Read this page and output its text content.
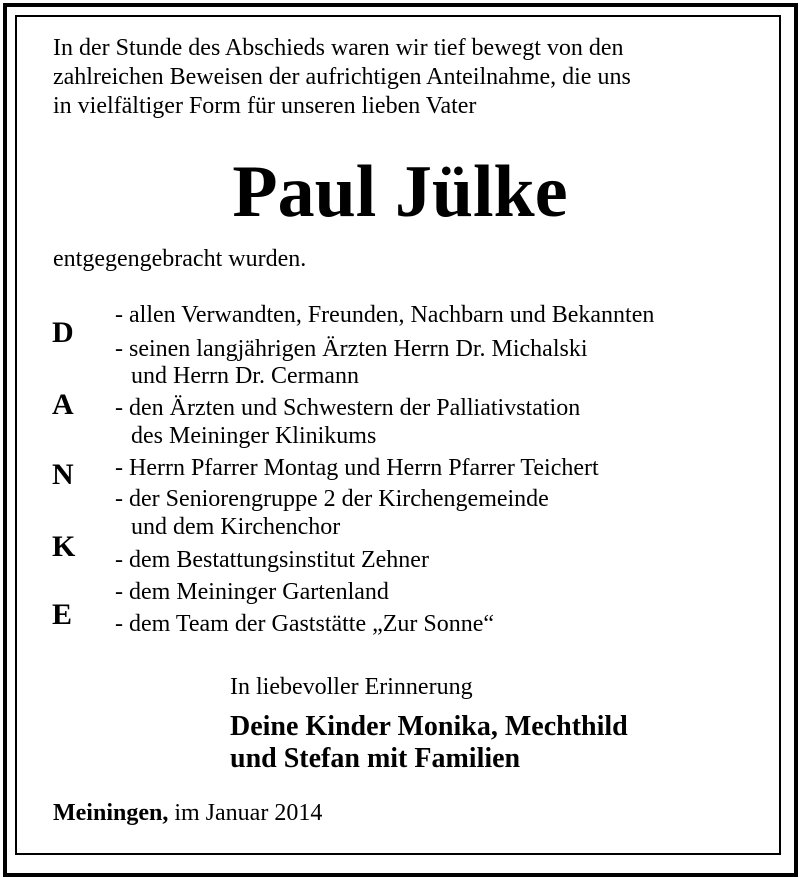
In der Stunde des Abschieds waren wir tief bewegt von den
zahlreichen Beweisen der aufrichtigen Anteilnahme, die uns
in vielfältiger Form für unseren lieben Vater
Paul Jülke
entgegengebracht wurden.
D
A
N
K
E
- allen Verwandten, Freunden, Nachbarn und Bekannten
- seinen langjährigen Ärzten Herrn Dr. Michalski
und Herrn Dr. Cermann
- den Ärzten und Schwestern der Palliativstation
des Meininger Klinikums
- Herrn Pfarrer Montag und Herrn Pfarrer Teichert
- der Seniorengruppe 2 der Kirchengemeinde
und dem Kirchenchor
- dem Bestattungsinstitut Zehner
- dem Meininger Gartenland
- dem Team der Gaststätte „Zur Sonne“
In liebevoller Erinnerung
Deine Kinder Monika, Mechthild
und Stefan mit Familien
Meiningen, im Januar 2014
